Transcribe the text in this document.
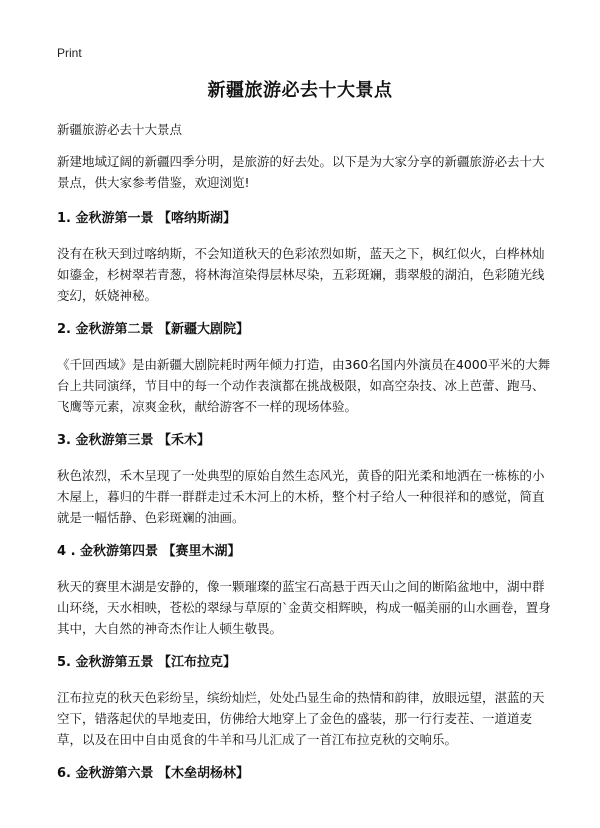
Print
新疆旅游必去十大景点

新疆旅游必去十大景点

新建地域辽阔的新疆四季分明，是旅游的好去处。以下是为大家分享的新疆旅游必去十大景点，供大家参考借鉴，欢迎浏览!

1. 金秋游第一景 【喀纳斯湖】

没有在秋天到过喀纳斯，不会知道秋天的色彩浓烈如斯，蓝天之下，枫红似火，白桦林灿如鎏金，杉树翠若青葱，将林海渲染得层林尽染，五彩斑斓，翡翠般的湖泊，色彩随光线变幻，妖娆神秘。

2. 金秋游第二景 【新疆大剧院】

《千回西域》是由新疆大剧院耗时两年倾力打造，由360名国内外演员在4000平米的大舞台上共同演绎，节目中的每一个动作表演都在挑战极限，如高空杂技、冰上芭蕾、跑马、飞鹰等元素，凉爽金秋，献给游客不一样的现场体验。

3. 金秋游第三景 【禾木】

秋色浓烈，禾木呈现了一处典型的原始自然生态风光，黄昏的阳光柔和地洒在一栋栋的小木屋上，暮归的牛群一群群走过禾木河上的木桥，整个村子给人一种很祥和的感觉，简直就是一幅恬静、色彩斑斓的油画。

4 . 金秋游第四景 【赛里木湖】

秋天的赛里木湖是安静的，像一颗璀璨的蓝宝石高悬于西天山之间的断陷盆地中，湖中群山环绕，天水相映，苍松的翠绿与草原的`金黄交相辉映，构成一幅美丽的山水画卷，置身其中，大自然的神奇杰作让人顿生敬畏。

5. 金秋游第五景 【江布拉克】

江布拉克的秋天色彩纷呈，缤纷灿烂，处处凸显生命的热情和韵律，放眼远望，湛蓝的天空下，错落起伏的旱地麦田，仿佛给大地穿上了金色的盛装，那一行行麦茬、一道道麦草，以及在田中自由觅食的牛羊和马儿汇成了一首江布拉克秋的交响乐。

6. 金秋游第六景 【木垒胡杨林】
